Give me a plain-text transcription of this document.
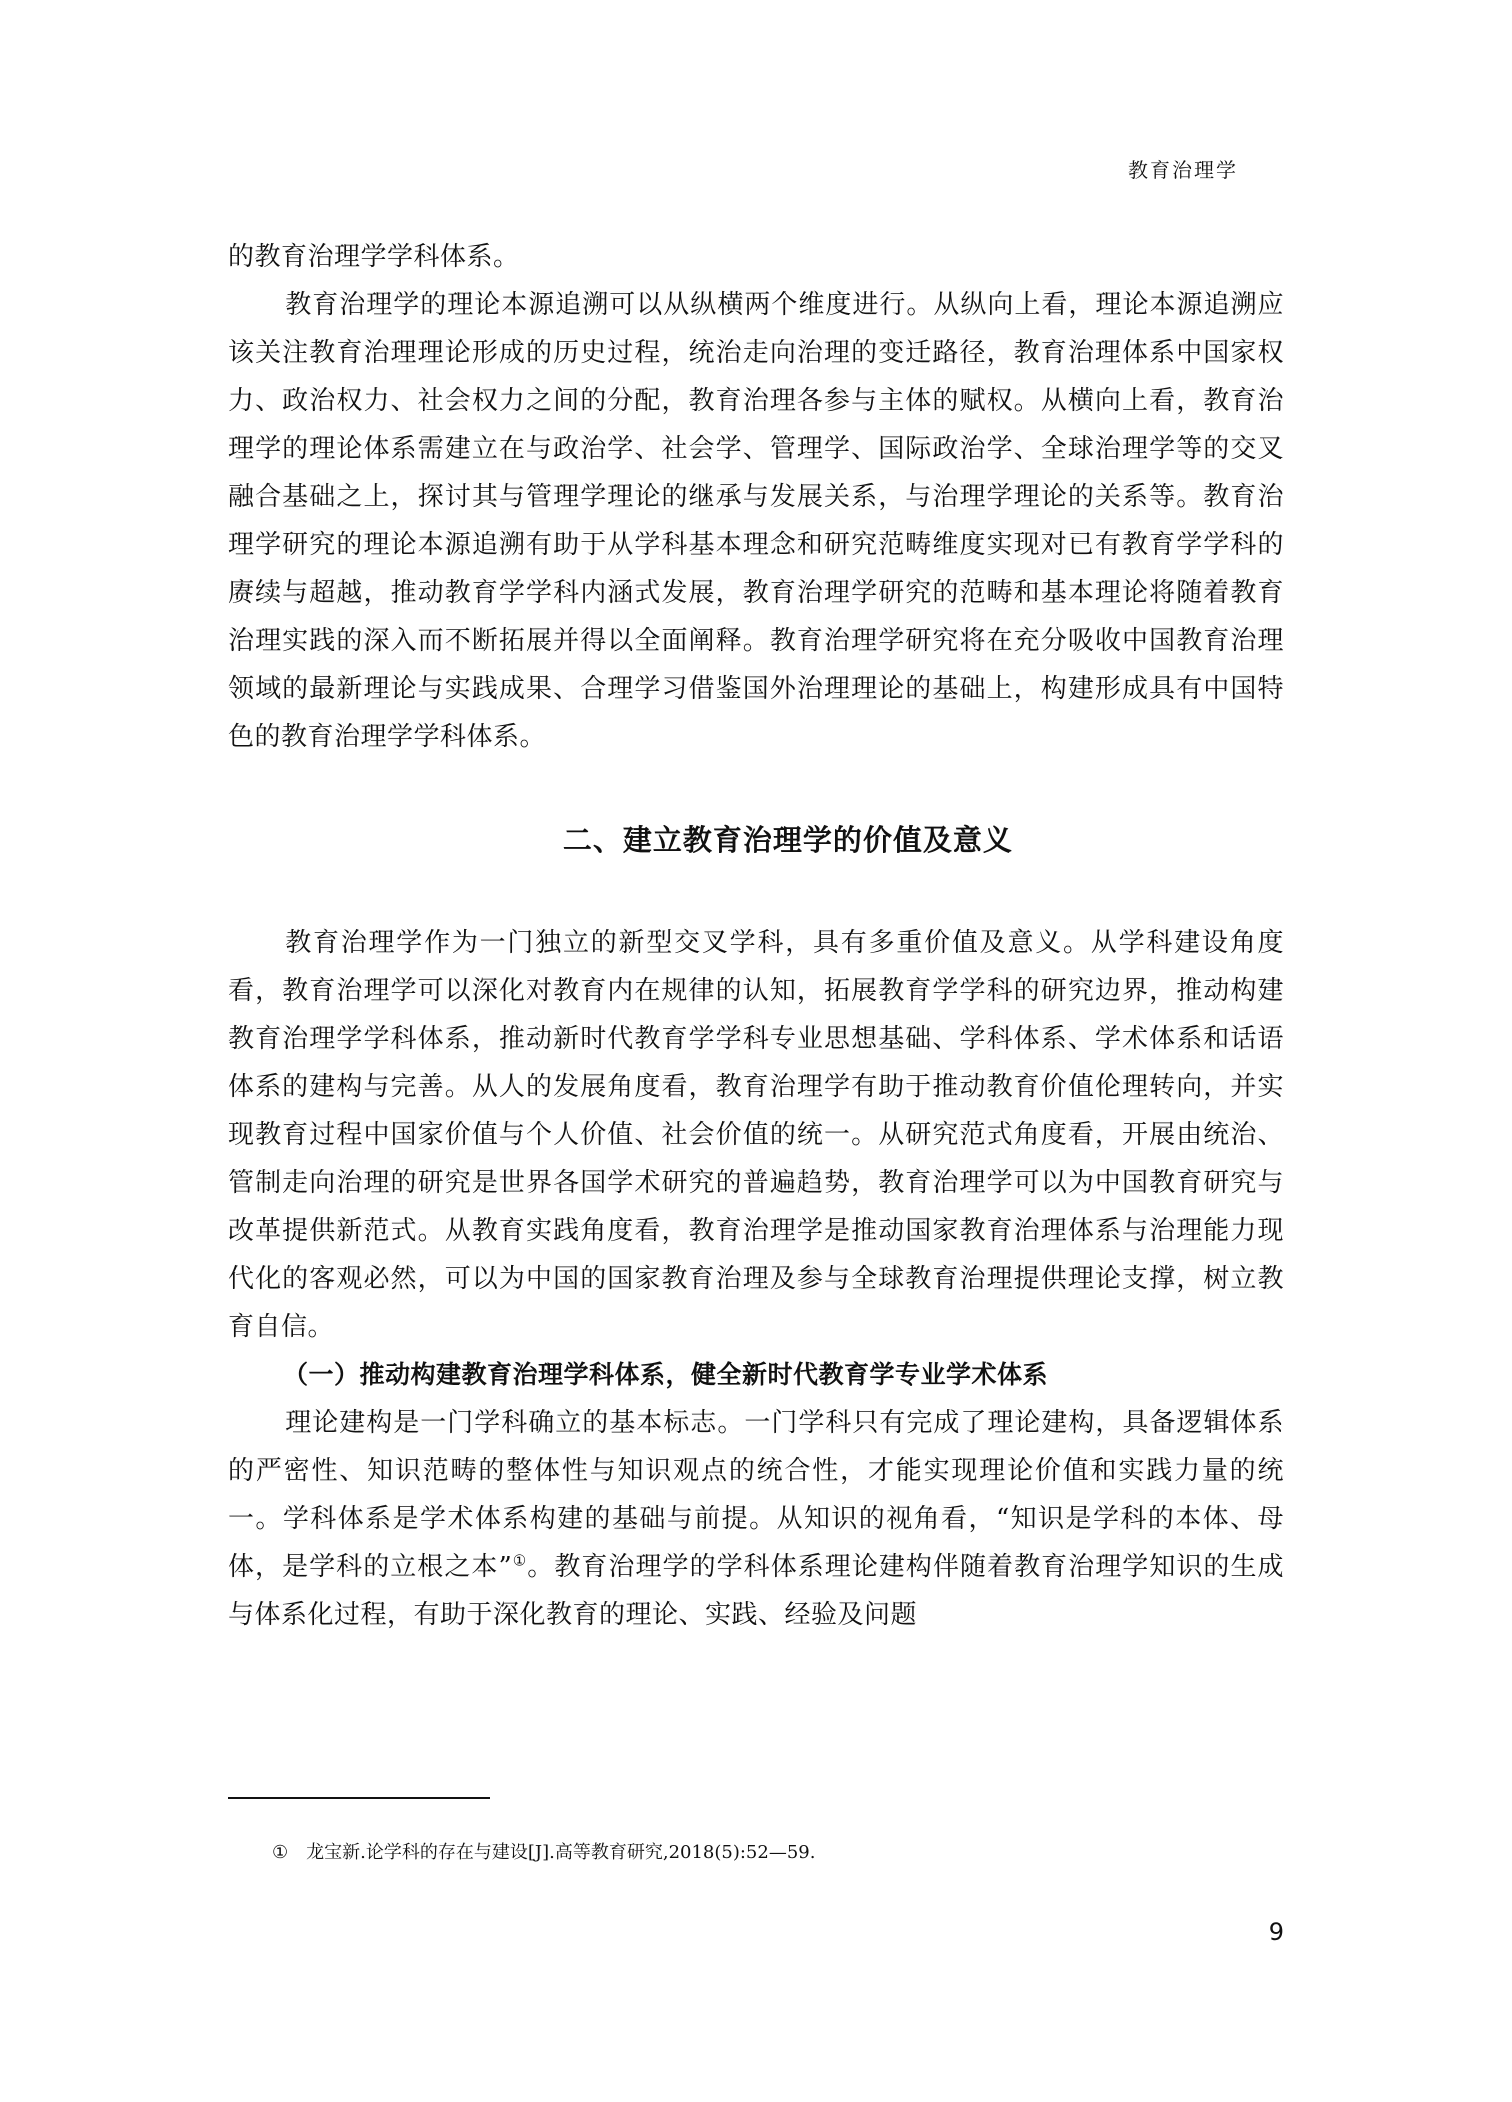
教育治理学

的教育治理学学科体系。

教育治理学的理论本源追溯可以从纵横两个维度进行。从纵向上看，理论本源追溯应该关注教育治理理论形成的历史过程，统治走向治理的变迁路径，教育治理体系中国家权力、政治权力、社会权力之间的分配，教育治理各参与主体的赋权。从横向上看，教育治理学的理论体系需建立在与政治学、社会学、管理学、国际政治学、全球治理学等的交叉融合基础之上，探讨其与管理学理论的继承与发展关系，与治理学理论的关系等。教育治理学研究的理论本源追溯有助于从学科基本理念和研究范畴维度实现对已有教育学学科的赓续与超越，推动教育学学科内涵式发展，教育治理学研究的范畴和基本理论将随着教育治理实践的深入而不断拓展并得以全面阐释。教育治理学研究将在充分吸收中国教育治理领域的最新理论与实践成果、合理学习借鉴国外治理理论的基础上，构建形成具有中国特色的教育治理学学科体系。

二、建立教育治理学的价值及意义

教育治理学作为一门独立的新型交叉学科，具有多重价值及意义。从学科建设角度看，教育治理学可以深化对教育内在规律的认知，拓展教育学学科的研究边界，推动构建教育治理学学科体系，推动新时代教育学学科专业思想基础、学科体系、学术体系和话语体系的建构与完善。从人的发展角度看，教育治理学有助于推动教育价值伦理转向，并实现教育过程中国家价值与个人价值、社会价值的统一。从研究范式角度看，开展由统治、管制走向治理的研究是世界各国学术研究的普遍趋势，教育治理学可以为中国教育研究与改革提供新范式。从教育实践角度看，教育治理学是推动国家教育治理体系与治理能力现代化的客观必然，可以为中国的国家教育治理及参与全球教育治理提供理论支撑，树立教育自信。

（一）推动构建教育治理学科体系，健全新时代教育学专业学术体系

理论建构是一门学科确立的基本标志。一门学科只有完成了理论建构，具备逻辑体系的严密性、知识范畴的整体性与知识观点的统合性，才能实现理论价值和实践力量的统一。学科体系是学术体系构建的基础与前提。从知识的视角看，“知识是学科的本体、母体，是学科的立根之本”①。教育治理学的学科体系理论建构伴随着教育治理学知识的生成与体系化过程，有助于深化教育的理论、实践、经验及问题

① 龙宝新.论学科的存在与建设[J].高等教育研究,2018(5):52—59.
9
